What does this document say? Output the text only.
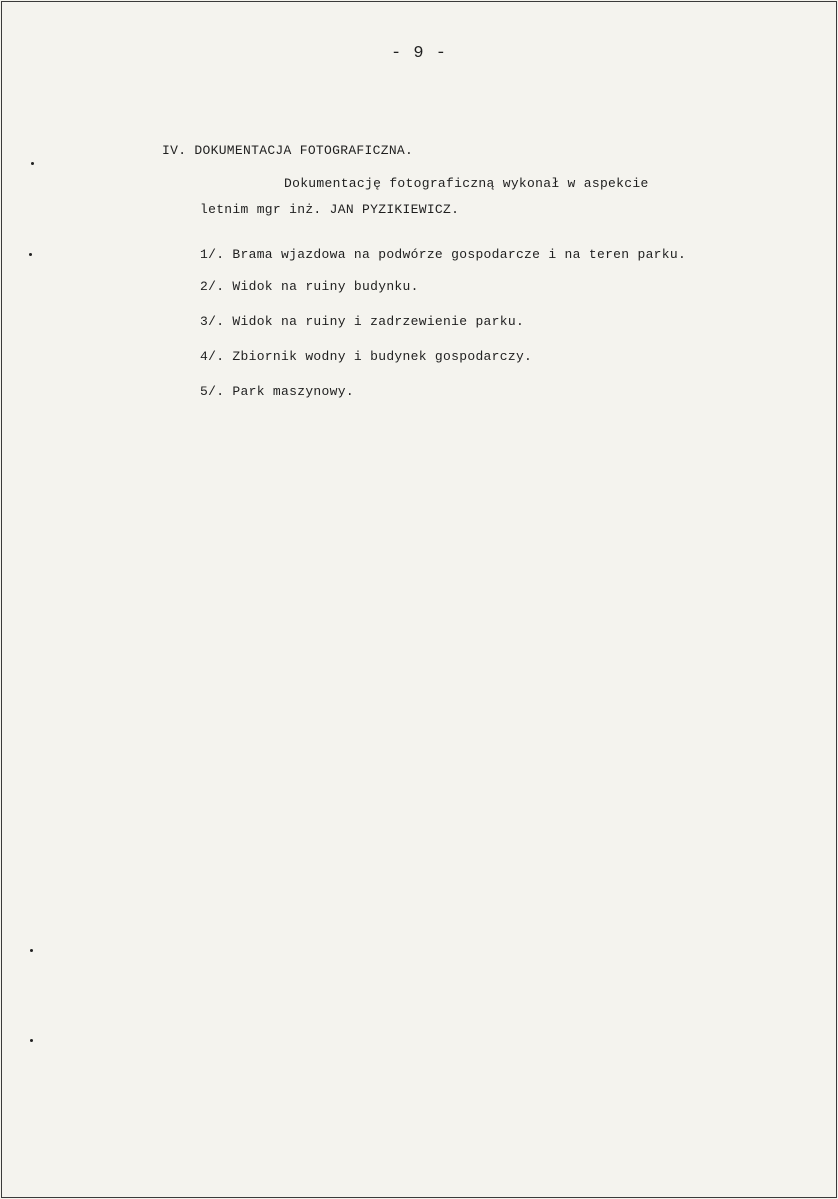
- 9 -
IV. DOKUMENTACJA FOTOGRAFICZNA.
Dokumentację fotograficzną wykonał w aspekcie
letnim mgr inż. JAN PYZIKIEWICZ.
1/. Brama wjazdowa na podwórze gospodarcze i na teren parku.
2/. Widok na ruiny budynku.
3/. Widok na ruiny i zadrzewienie parku.
4/. Zbiornik wodny i budynek gospodarczy.
5/. Park maszynowy.
